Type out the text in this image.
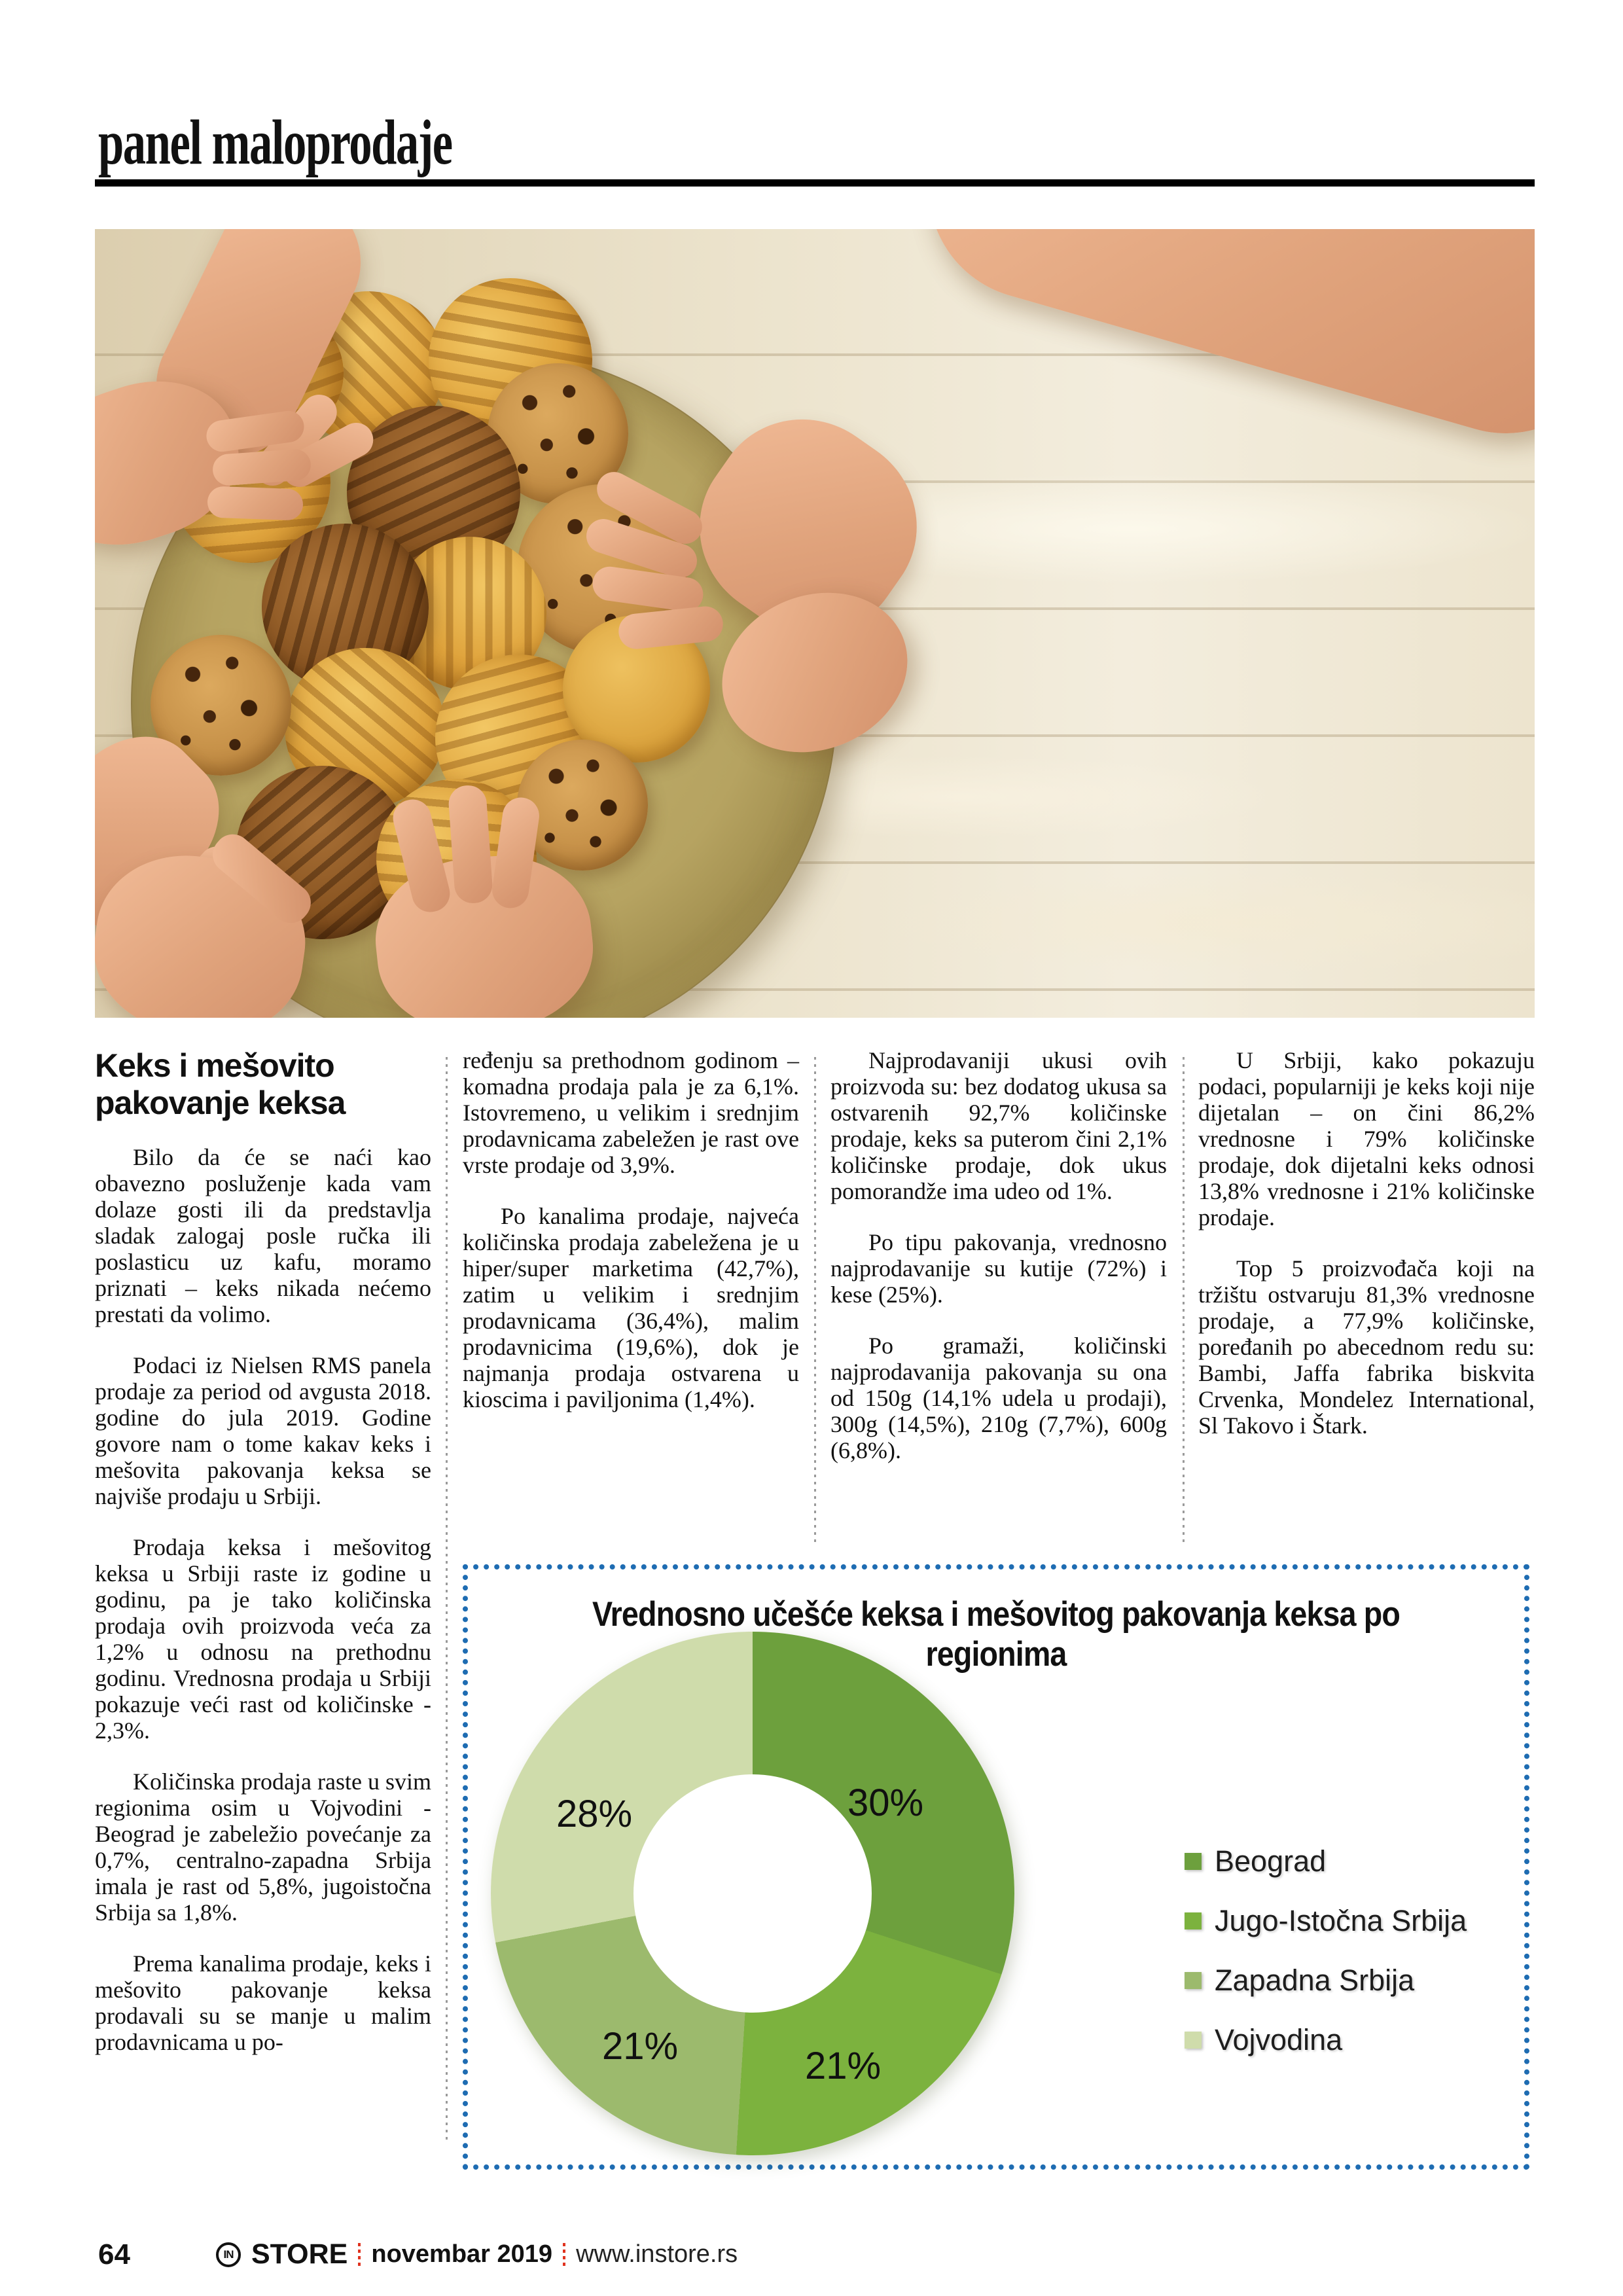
panel maloprodaje
Keks i mešovito pakovanje keksa

Bilo da će se naći kao obavezno posluženje kada vam dolaze gosti ili da predstavlja sladak zalogaj posle ručka ili poslasticu uz kafu, moramo priznati – keks nikada nećemo prestati da volimo.

Podaci iz Nielsen RMS panela prodaje za period od avgusta 2018. godine do jula 2019. Godine govore nam o tome kakav keks i mešovita pakovanja keksa se najviše prodaju u Srbiji.

Prodaja keksa i mešovitog keksa u Srbiji raste iz godine u godinu, pa je tako količinska prodaja ovih proizvoda veća za 1,2% u odnosu na prethodnu godinu. Vrednosna prodaja u Srbiji pokazuje veći rast od količinske - 2,3%.

Količinska prodaja raste u svim regionima osim u Vojvodini - Beograd je zabeležio povećanje za 0,7%, centralno-zapadna Srbija imala je rast od 5,8%, jugoistočna Srbija sa 1,8%.

Prema kanalima prodaje, keks i mešovito pakovanje keksa prodavali su se manje u malim prodavnicama u po-

ređenju sa prethodnom godinom – komadna prodaja pala je za 6,1%. Istovremeno, u velikim i srednjim prodavnicama zabeležen je rast ove vrste prodaje od 3,9%.

Po kanalima prodaje, najveća količinska prodaja zabeležena je u hiper/super marketima (42,7%), zatim u velikim i srednjim prodavnicama (36,4%), malim prodavnicima (19,6%), dok je najmanja prodaja ostvarena u kioscima i paviljonima (1,4%).

Najprodavaniji ukusi ovih proizvoda su: bez dodatog ukusa sa ostvarenih 92,7% količinske prodaje, keks sa puterom čini 2,1% količinske prodaje, dok ukus pomorandže ima udeo od 1%.

Po tipu pakovanja, vrednosno najprodavanije su kutije (72%) i kese (25%).

Po gramaži, količinski najprodavanija pakovanja su ona od 150g (14,1% udela u prodaji), 300g (14,5%), 210g (7,7%), 600g (6,8%).

U Srbiji, kako pokazuju podaci, popularniji je keks koji nije dijetalan – on čini 86,2% vrednosne i 79% količinske prodaje, dok dijetalni keks odnosi 13,8% vrednosne i 21% količinske prodaje.

Top 5 proizvođača koji na tržištu ostvaruju 81,3% vrednosne prodaje, a 77,9% količinske, poređanih po abecednom redu su: Bambi, Jaffa fabrika biskvita Crvenka, Mondelez International, Sl Takovo i Štark.

Vrednosno učešće keksa i mešovitog pakovanja keksa po regionima
30%
21%
21%
28%
Beograd
Jugo-Istočna Srbija
Zapadna Srbija
Vojvodina
64	IN STORE novembar 2019 www.instore.rs
